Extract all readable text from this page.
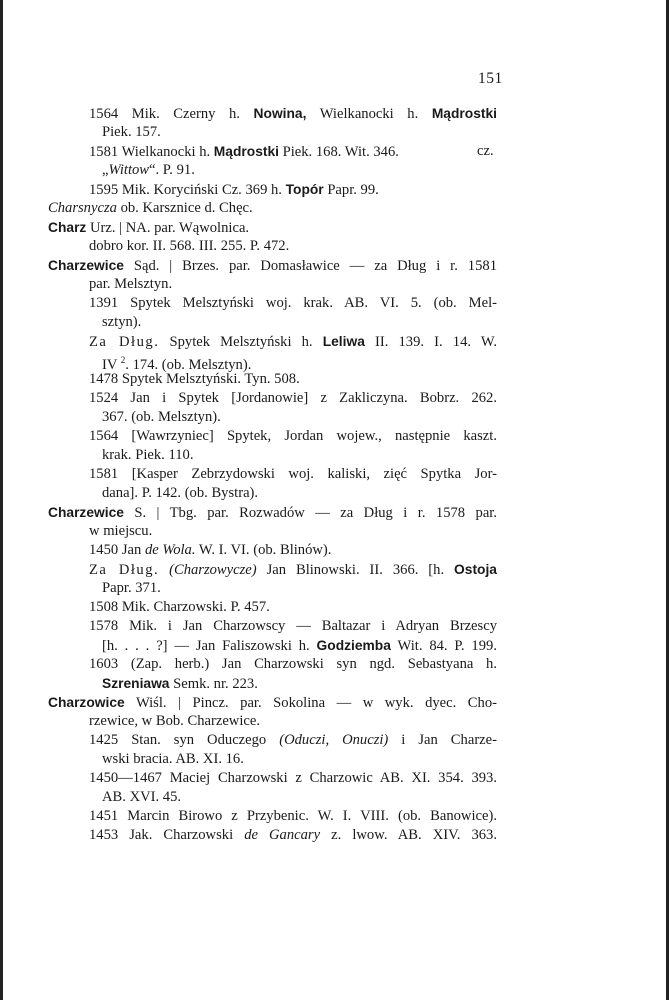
151
1564 Mik. Czerny h. Nowina, Wielkanocki h. Mądrostki
Piek. 157.
1581 Wielkanocki h. Mądrostki Piek. 168. Wit. 346.	cz.
„Wittow“. P. 91.
1595 Mik. Koryciński Cz. 369 h. Topór Papr. 99.
Charsnycza ob. Karsznice d. Chęc.
Charz Urz. | NA. par. Wąwolnica.
dobro kor. II. 568. III. 255. P. 472.
Charzewice Sąd. | Brzes. par. Domasławice — za Dług i r. 1581
par. Melsztyn.
1391 Spytek Melsztyński woj. krak. AB. VI. 5. (ob. Mel-
sztyn).
Za Dług. Spytek Melsztyński h. Leliwa II. 139. I. 14. W.
IV $^2$. 174. (ob. Melsztyn).
1478 Spytek Melsztyński. Tyn. 508.
1524 Jan i Spytek [Jordanowie] z Zakliczyna. Bobrz. 262.
367. (ob. Melsztyn).
1564 [Wawrzyniec] Spytek, Jordan wojew., następnie kaszt.
krak. Piek. 110.
1581 [Kasper Zebrzydowski woj. kaliski, zięć Spytka Jor-
dana]. P. 142. (ob. Bystra).
Charzewice S. | Tbg. par. Rozwadów — za Dług i r. 1578 par.
w miejscu.
1450 Jan de Wola. W. I. VI. (ob. Blinów).
Za Dług. (Charzowycze) Jan Blinowski. II. 366. [h. Ostoja
Papr. 371.
1508 Mik. Charzowski. P. 457.
1578 Mik. i Jan Charzowscy — Baltazar i Adryan Brzescy
[h. . . . ?] — Jan Faliszowski h. Godziemba Wit. 84. P. 199.
1603 (Zap. herb.) Jan Charzowski syn ngd. Sebastyana h.
Szreniawa Semk. nr. 223.
Charzowice Wiśl. | Pincz. par. Sokolina — w wyk. dyec. Cho-
rzewice, w Bob. Charzewice.
1425 Stan. syn Oduczego (Oduczi, Onuczi) i Jan Charze-
wski bracia. AB. XI. 16.
1450—1467 Maciej Charzowski z Charzowic AB. XI. 354. 393.
AB. XVI. 45.
1451 Marcin Birowo z Przybenic. W. I. VIII. (ob. Banowice).
1453 Jak. Charzowski de Gancary z. lwow. AB. XIV. 363.
